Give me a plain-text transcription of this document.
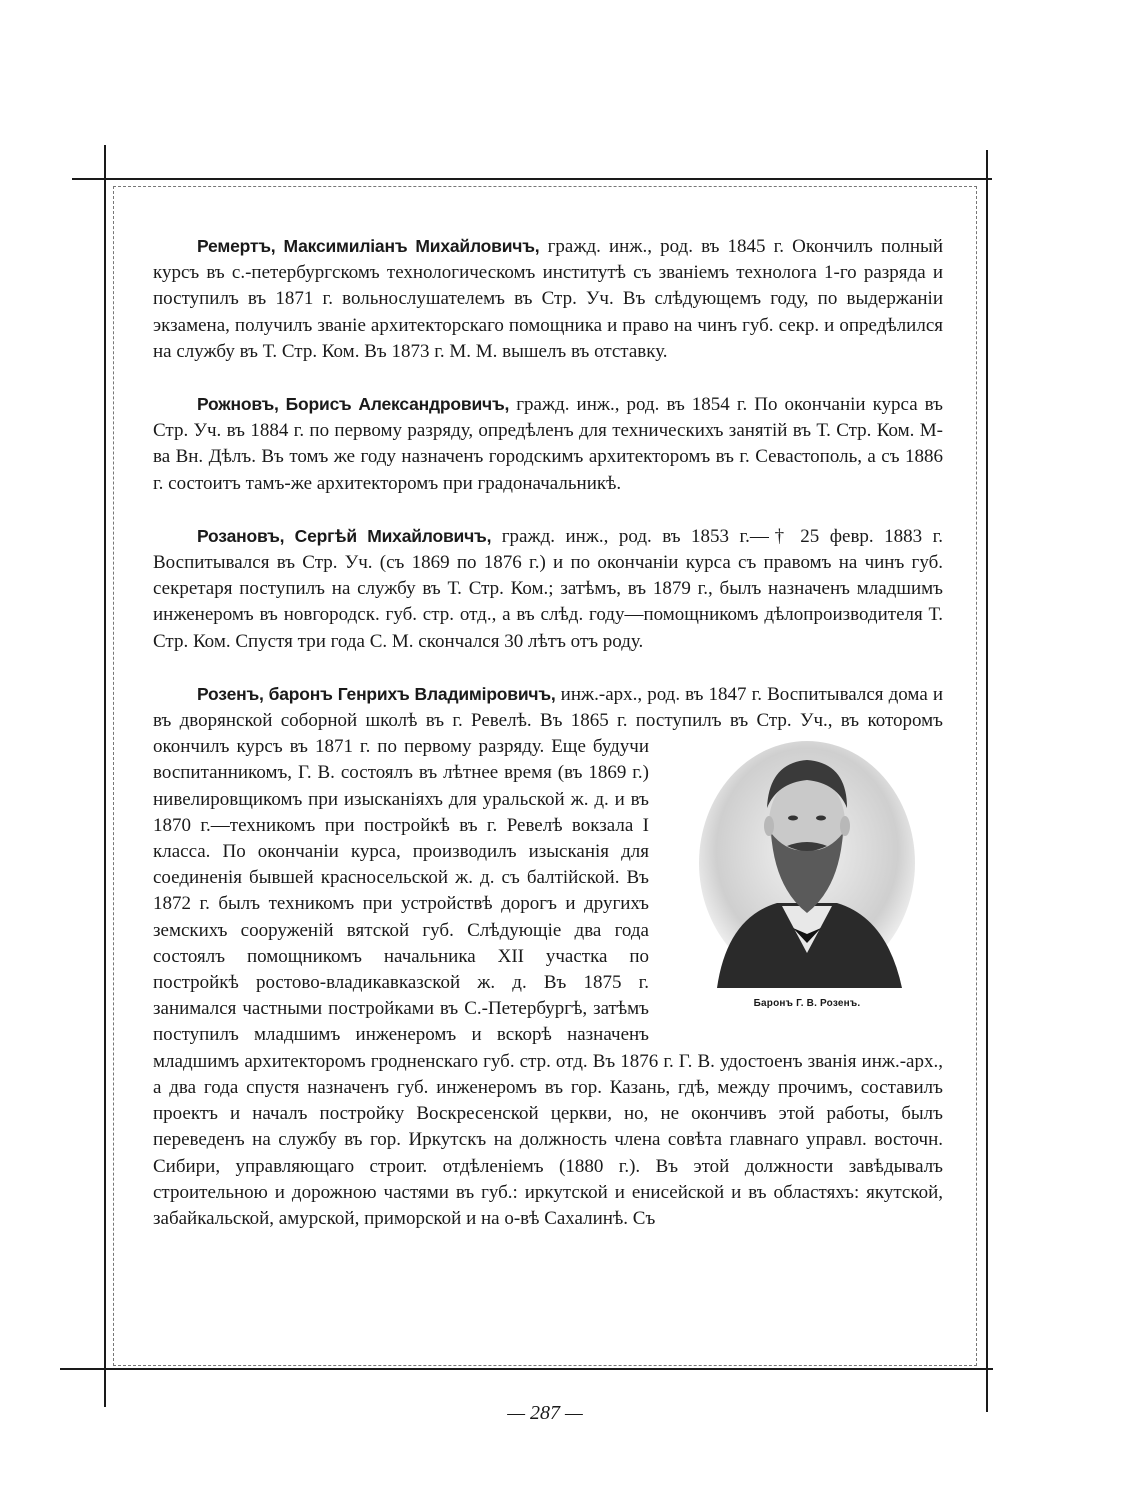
Ремертъ, Максимиліанъ Михайловичъ, гражд. инж., род. въ 1845 г. Окончилъ полный курсъ въ с.-петербургскомъ технологическомъ институтѣ съ званіемъ технолога 1-го разряда и поступилъ въ 1871 г. вольнослушателемъ въ Стр. Уч. Въ слѣдующемъ году, по выдержаніи экзамена, получилъ званіе архитекторскаго помощника и право на чинъ губ. секр. и опредѣлился на службу въ Т. Стр. Ком. Въ 1873 г. М. М. вышелъ въ отставку.

Рожновъ, Борисъ Александровичъ, гражд. инж., род. въ 1854 г. По окончаніи курса въ Стр. Уч. въ 1884 г. по первому разряду, опредѣленъ для техническихъ занятій въ Т. Стр. Ком. М-ва Вн. Дѣлъ. Въ томъ же году назначенъ городскимъ архитекторомъ въ г. Севастополь, а съ 1886 г. состоитъ тамъ-же архитекторомъ при градоначальникѣ.

Розановъ, Сергѣй Михайловичъ, гражд. инж., род. въ 1853 г.—† 25 февр. 1883 г. Воспитывался въ Стр. Уч. (съ 1869 по 1876 г.) и по окончаніи курса съ правомъ на чинъ губ. секретаря поступилъ на службу въ Т. Стр. Ком.; затѣмъ, въ 1879 г., былъ назначенъ младшимъ инженеромъ въ новгородск. губ. стр. отд., а въ слѣд. году—помощникомъ дѣлопроизводителя Т. Стр. Ком. Спустя три года С. М. скончался 30 лѣтъ отъ роду.

Розенъ, баронъ Генрихъ Владиміровичъ, инж.-арх., род. въ 1847 г. Воспитывался дома и въ дворянской соборной школѣ въ г. Ревелѣ. Въ 1865 г. поступилъ въ Стр.
Баронъ Г. В. Розенъ.
Уч., въ которомъ окончилъ курсъ въ 1871 г. по первому разряду. Еще будучи воспитанникомъ, Г. В. состоялъ въ лѣтнее время (въ 1869 г.) нивелировщикомъ при изысканіяхъ для уральской ж. д. и въ 1870 г.—техникомъ при постройкѣ въ г. Ревелѣ вокзала I класса. По окончаніи курса, производилъ изысканія для соединенія бывшей красносельской ж. д. съ балтійской. Въ 1872 г. былъ техникомъ при устройствѣ дорогъ и другихъ земскихъ сооруженій вятской губ. Слѣдующіе два года состоялъ помощникомъ начальника XII участка по постройкѣ ростово-владикавказской ж. д. Въ 1875 г. занимался частными постройками въ С.-Петербургѣ, затѣмъ поступилъ младшимъ инженеромъ и вскорѣ назначенъ младшимъ архитекторомъ гродненскаго губ. стр. отд. Въ 1876 г. Г. В. удостоенъ званія инж.-арх., а два года спустя назначенъ губ. инженеромъ въ гор. Казань, гдѣ, между прочимъ, составилъ проектъ и началъ постройку Воскресенской церкви, но, не окончивъ этой работы, былъ переведенъ на службу въ гор. Иркутскъ на должность члена совѣта главнаго управл. восточн. Сибири, управляющаго строит. отдѣленіемъ (1880 г.). Въ этой должности завѣдывалъ строительною и дорожною частями въ губ.: иркутской и енисейской и въ областяхъ: якутской, забайкальской, амурской, приморской и на о-вѣ Сахалинѣ. Съ

— 287 —
